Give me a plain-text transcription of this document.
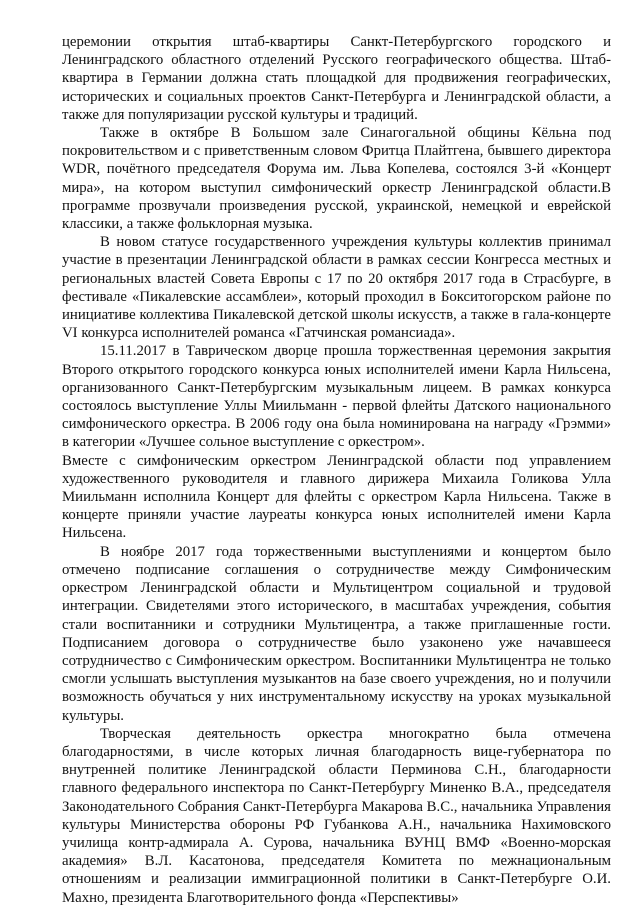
церемонии открытия штаб-квартиры Санкт-Петербургского городского и Ленинградского областного отделений Русского географического общества. Штаб-квартира в Германии должна стать площадкой для продвижения географических, исторических и социальных проектов Санкт-Петербурга и Ленинградской области, а также для популяризации русской культуры и традиций.

Также в октябре В Большом зале Синагогальной общины Кёльна под покровительством и с приветственным словом Фритца Плайтгена, бывшего директора WDR, почётного председателя Форума им. Льва Копелева, состоялся 3-й «Концерт мира», на котором выступил симфонический оркестр Ленинградской области.В программе прозвучали произведения русской, украинской, немецкой и еврейской классики, а также фольклорная музыка.

В новом статусе государственного учреждения культуры коллектив принимал участие в презентации Ленинградской области в рамках сессии Конгресса местных и региональных властей Совета Европы с 17 по 20 октября 2017 года в Страсбурге, в фестивале «Пикалевские ассамблеи», который проходил в Бокситогорском районе по инициативе коллектива Пикалевской детской школы искусств, а также в гала-концерте VI конкурса исполнителей романса «Гатчинская романсиада».

15.11.2017 в Таврическом дворце прошла торжественная церемония закрытия Второго открытого городского конкурса юных исполнителей имени Карла Нильсена, организованного Санкт-Петербургским музыкальным лицеем. В рамках конкурса состоялось выступление Уллы Миильманн - первой флейты Датского национального симфонического оркестра. В 2006 году она была номинирована на награду «Грэмми» в категории «Лучшее сольное выступление с оркестром».

Вместе с симфоническим оркестром Ленинградской области под управлением художественного руководителя и главного дирижера Михаила Голикова Улла Миильманн исполнила Концерт для флейты с оркестром Карла Нильсена. Также в концерте приняли участие лауреаты конкурса юных исполнителей имени Карла Нильсена.

В ноябре 2017 года торжественными выступлениями и концертом было отмечено подписание соглашения о сотрудничестве между Симфоническим оркестром Ленинградской области и Мультицентром социальной и трудовой интеграции. Свидетелями этого исторического, в масштабах учреждения, события стали воспитанники и сотрудники Мультицентра, а также приглашенные гости. Подписанием договора о сотрудничестве было узаконено уже начавшееся сотрудничество с Симфоническим оркестром. Воспитанники Мультицентра не только смогли услышать выступления музыкантов на базе своего учреждения, но и получили возможность обучаться у них инструментальному искусству на уроках музыкальной культуры.

Творческая деятельность оркестра многократно была отмечена благодарностями, в числе которых личная благодарность вице-губернатора по внутренней политике Ленинградской области Перминова С.Н., благодарности главного федерального инспектора по Санкт-Петербургу Миненко В.А., председателя Законодательного Собрания Санкт-Петербурга Макарова В.С., начальника Управления культуры Министерства обороны РФ Губанкова А.Н., начальника Нахимовского училища контр-адмирала А. Сурова, начальника ВУНЦ ВМФ «Военно-морская академия» В.Л. Касатонова, председателя Комитета по межнациональным отношениям и реализации иммиграционной политики в Санкт-Петербурге О.И. Махно, президента Благотворительного фонда «Перспективы»
